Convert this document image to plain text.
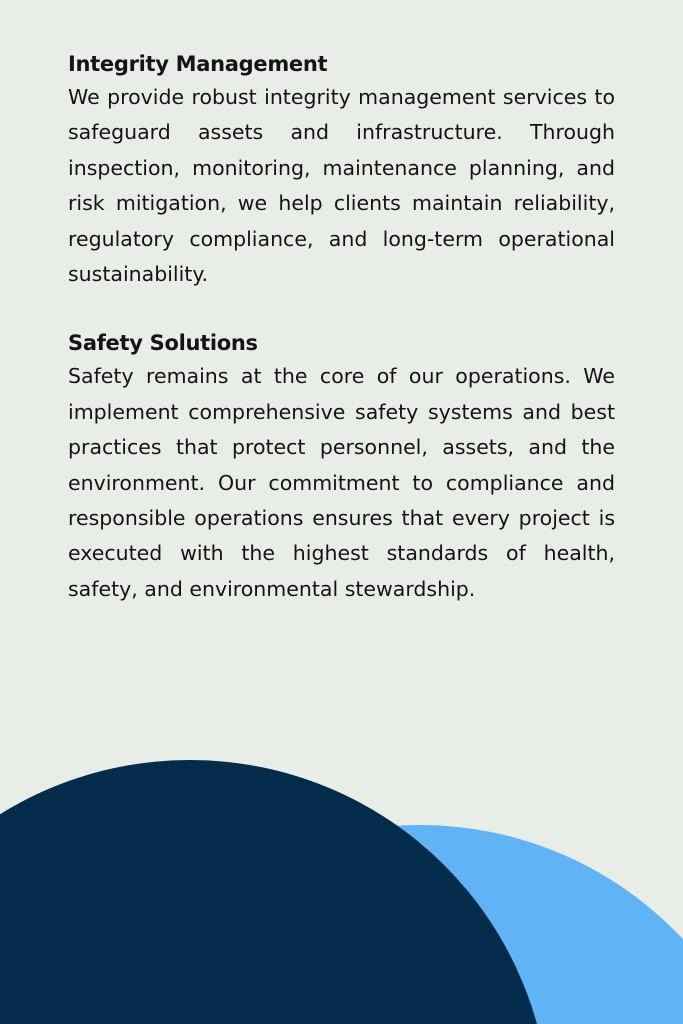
Integrity Management

We provide robust integrity management services to safeguard assets and infrastructure. Through inspection, monitoring, maintenance planning, and risk mitigation, we help clients maintain reliability, regulatory compliance, and long-term operational sustainability.

Safety Solutions

Safety remains at the core of our operations. We implement comprehensive safety systems and best practices that protect personnel, assets, and the environment. Our commitment to compliance and responsible operations ensures that every project is executed with the highest standards of health, safety, and environmental stewardship.
